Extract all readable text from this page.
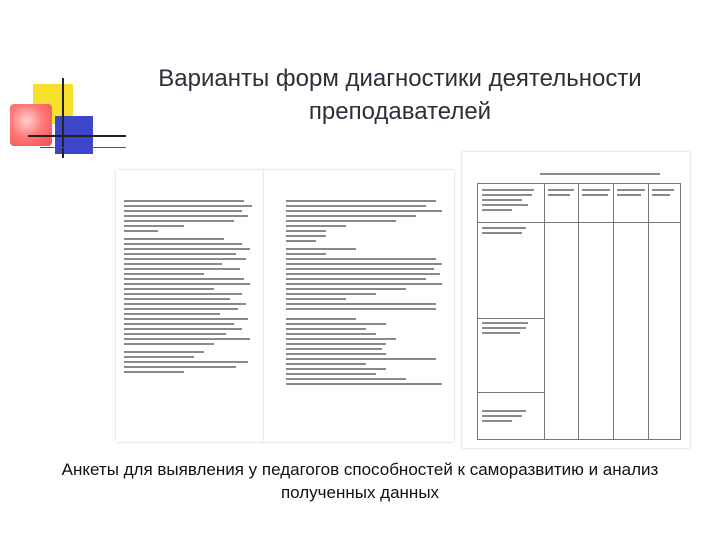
Варианты форм диагностики деятельности преподавателей

Анкеты для выявления у педагогов способностей к саморазвитию и анализ полученных данных
